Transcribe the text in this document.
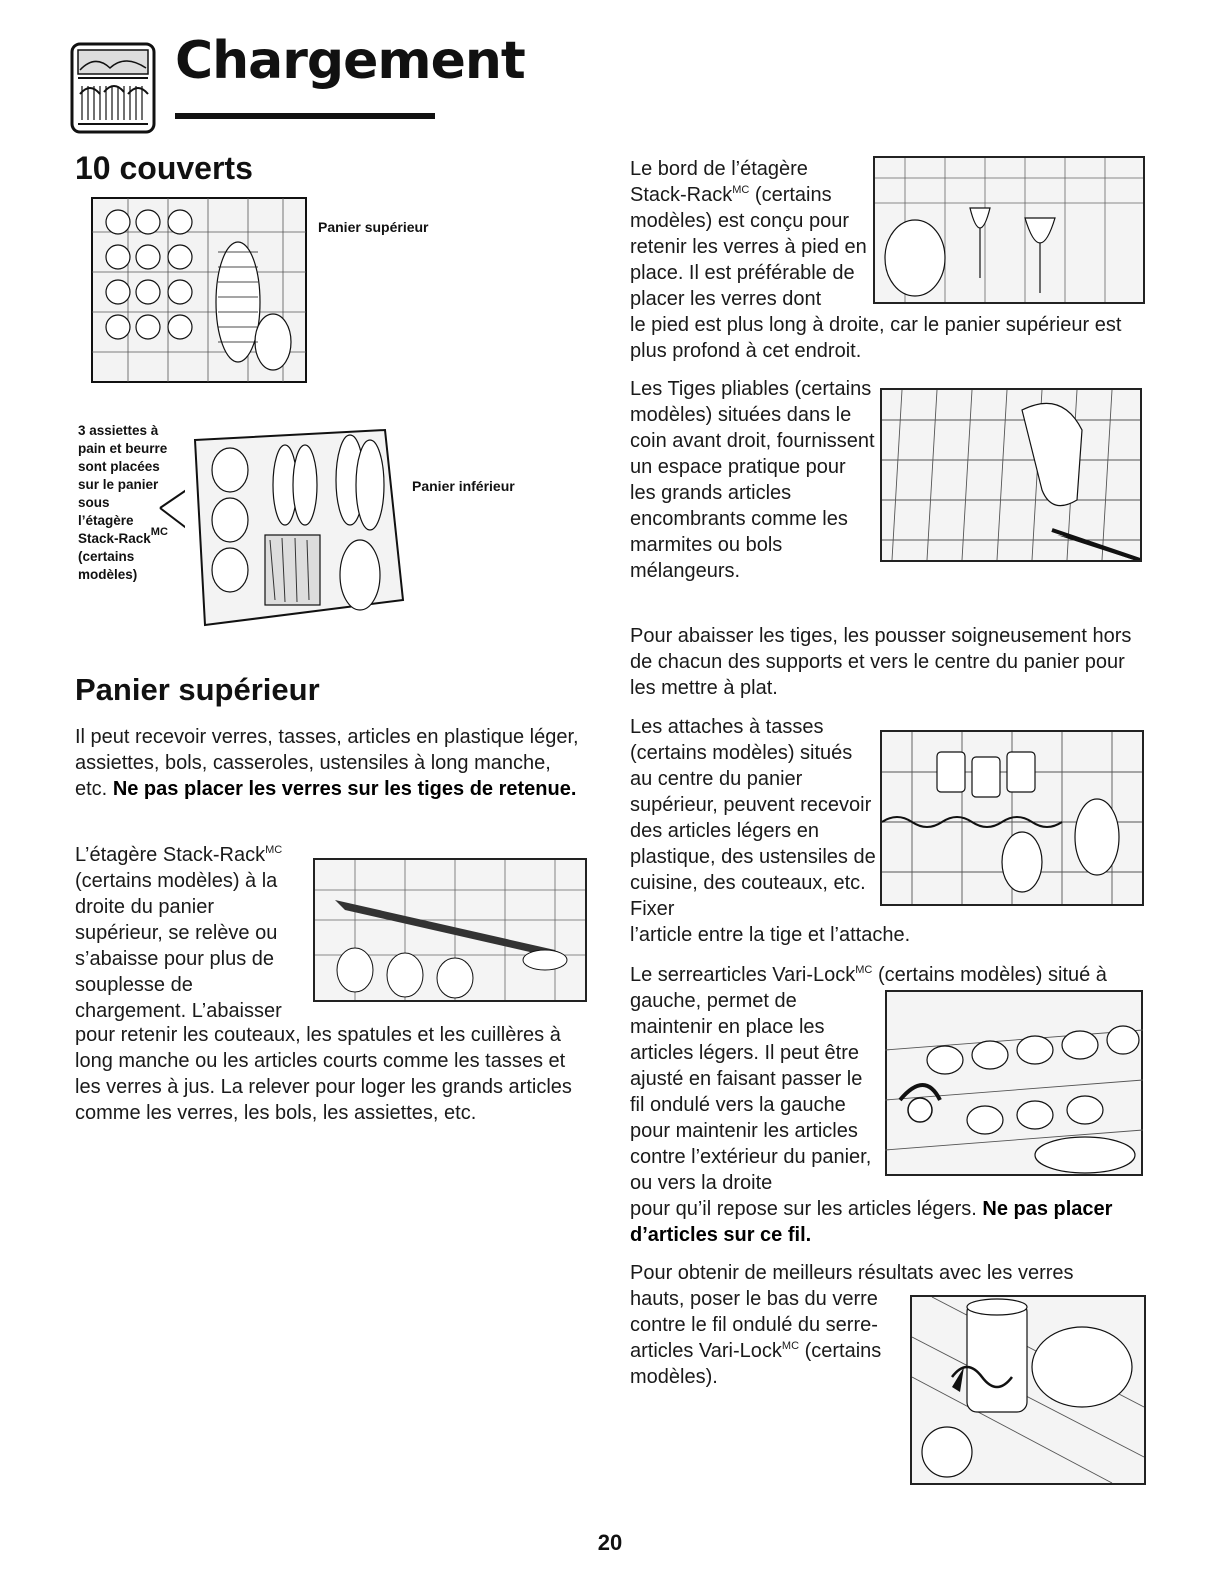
Chargement
10 couverts
Panier supérieur
3 assiettes à
pain et beurre
sont placées
sur le panier
sous
l’étagère
Stack-Rack$^{MC}$
(certains
modèles)
Panier inférieur
Panier supérieur

Il peut recevoir verres, tasses, articles en plastique léger, assiettes, bols, casseroles, ustensiles à long manche, etc. Ne pas placer les verres sur les tiges de retenue.

L’étagère Stack-Rack$^{MC}$ (certains modèles) à la droite du panier supérieur, se relève ou s’abaisse pour plus de souplesse de chargement. L’abaisser

pour retenir les couteaux, les spatules et les cuillères à long manche ou les articles courts comme les tasses et les verres à jus. La relever pour loger les grands articles comme les verres, les bols, les assiettes, etc.

Le bord de l’étagère Stack-Rack$^{MC}$ (certains modèles) est conçu pour retenir les verres à pied en place. Il est préférable de placer les verres dont

le pied est plus long à droite, car le panier supérieur est plus profond à cet endroit.

Les Tiges pliables (certains modèles) situées dans le coin avant droit, fournissent un espace pratique pour les grands articles encombrants comme les marmites ou bols mélangeurs.

Pour abaisser les tiges, les pousser soigneusement hors de chacun des supports et vers le centre du panier pour les mettre à plat.

Les attaches à tasses (certains modèles) situés au centre du panier supérieur, peuvent recevoir des articles légers en plastique, des ustensiles de cuisine, des couteaux, etc. Fixer

l’article entre la tige et l’attache.

Le serrearticles Vari-Lock$^{MC}$ (certains modèles) situé à

gauche, permet de maintenir en place les articles légers. Il peut être ajusté en faisant passer le fil ondulé vers la gauche pour maintenir les articles contre l’extérieur du panier, ou vers la droite

pour qu’il repose sur les articles légers. Ne pas placer d’articles sur ce fil.

Pour obtenir de meilleurs résultats avec les verres

hauts, poser le bas du verre contre le fil ondulé du serre-articles Vari-Lock$^{MC}$ (certains modèles).

20
